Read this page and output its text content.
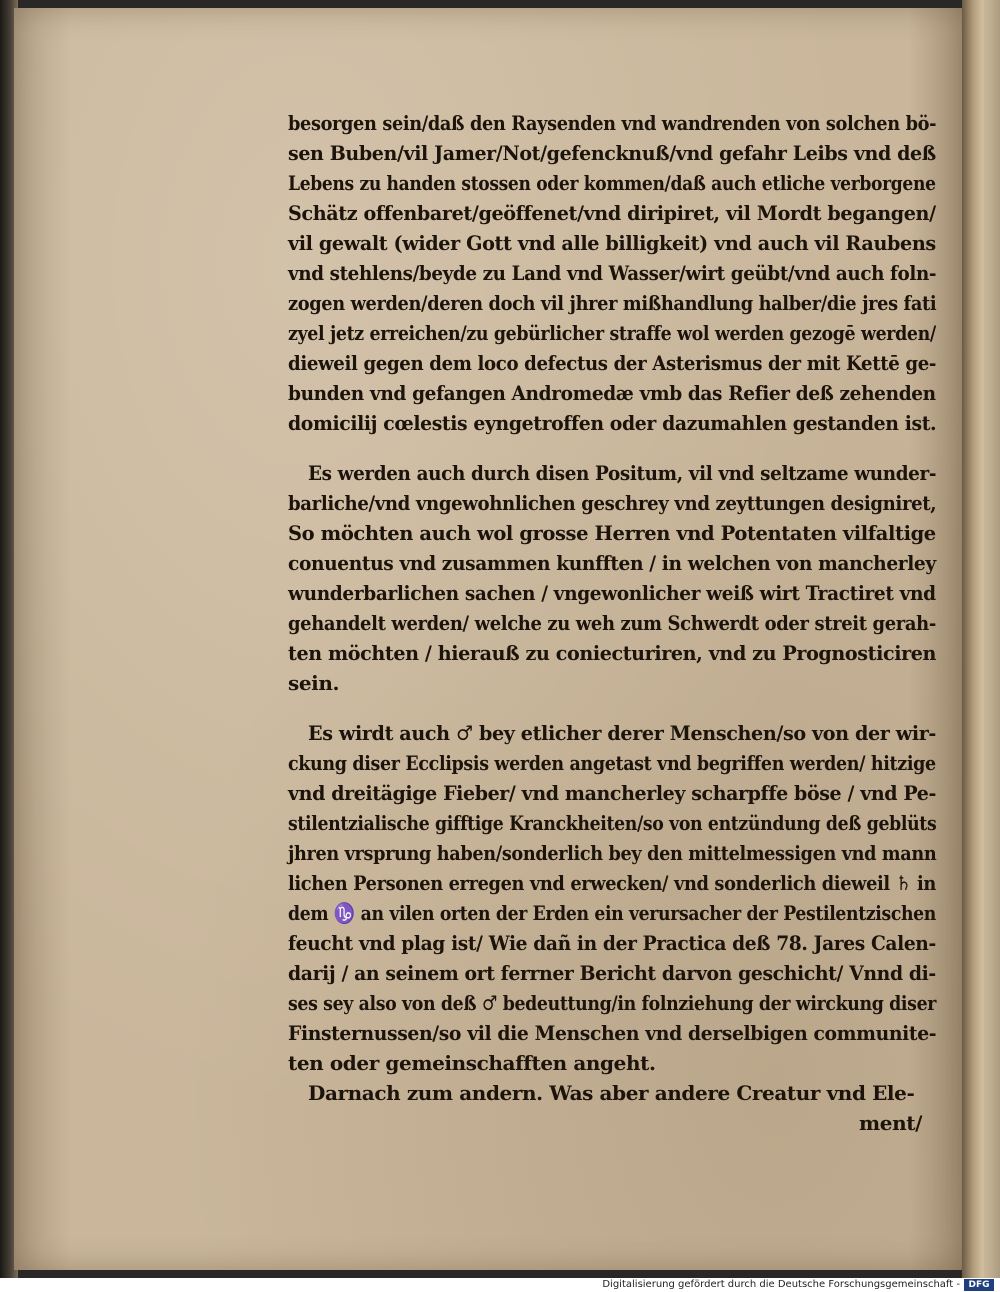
besorgen sein/daß den Raysenden vnd wandrenden von solchen bö-
sen Buben/vil Jamer/Not/gefencknuß/vnd gefahr Leibs vnd deß
Lebens zu handen stossen oder kommen/daß auch etliche verborgene
Schätz offenbaret/geöffenet/vnd diripiret, vil Mordt begangen/
vil gewalt (wider Gott vnd alle billigkeit) vnd auch vil Raubens
vnd stehlens/beyde zu Land vnd Wasser/wirt geübt/vnd auch foln-
zogen werden/deren doch vil jhrer mißhandlung halber/die jres fati
zyel jetz erreichen/zu gebürlicher straffe wol werden gezogē werden/
dieweil gegen dem loco defectus der Asterismus der mit Kettē ge-
bunden vnd gefangen Andromedæ vmb das Refier deß zehenden
domicilij cœlestis eyngetroffen oder dazumahlen gestanden ist.
Es werden auch durch disen Positum, vil vnd seltzame wunder-
barliche/vnd vngewohnlichen geschrey vnd zeyttungen designiret,
So möchten auch wol grosse Herren vnd Potentaten vilfaltige
conuentus vnd zusammen kunfften / in welchen von mancherley
wunderbarlichen sachen / vngewonlicher weiß wirt Tractiret vnd
gehandelt werden/ welche zu weh zum Schwerdt oder streit gerah-
ten möchten / hierauß zu coniecturiren, vnd zu Prognosticiren
sein.
Es wirdt auch ♂ bey etlicher derer Menschen/so von der wir-
ckung diser Ecclipsis werden angetast vnd begriffen werden/ hitzige
vnd dreitägige Fieber/ vnd mancherley scharpffe böse / vnd Pe-
stilentzialische gifftige Kranckheiten/so von entzündung deß geblüts
jhren vrsprung haben/sonderlich bey den mittelmessigen vnd mann
lichen Personen erregen vnd erwecken/ vnd sonderlich dieweil ♄ in
dem ♑ an vilen orten der Erden ein verursacher der Pestilentzischen
feucht vnd plag ist/ Wie dañ in der Practica deß 78. Jares Calen-
darij / an seinem ort ferrner Bericht darvon geschicht/ Vnnd di-
ses sey also von deß ♂ bedeuttung/in folnziehung der wirckung diser
Finsternussen/so vil die Menschen vnd derselbigen communite-
ten oder gemeinschafften angeht.
Darnach zum andern. Was aber andere Creatur vnd Ele-
ment/
Digitalisierung gefördert durch die Deutsche Forschungsgemeinschaft - DFG
